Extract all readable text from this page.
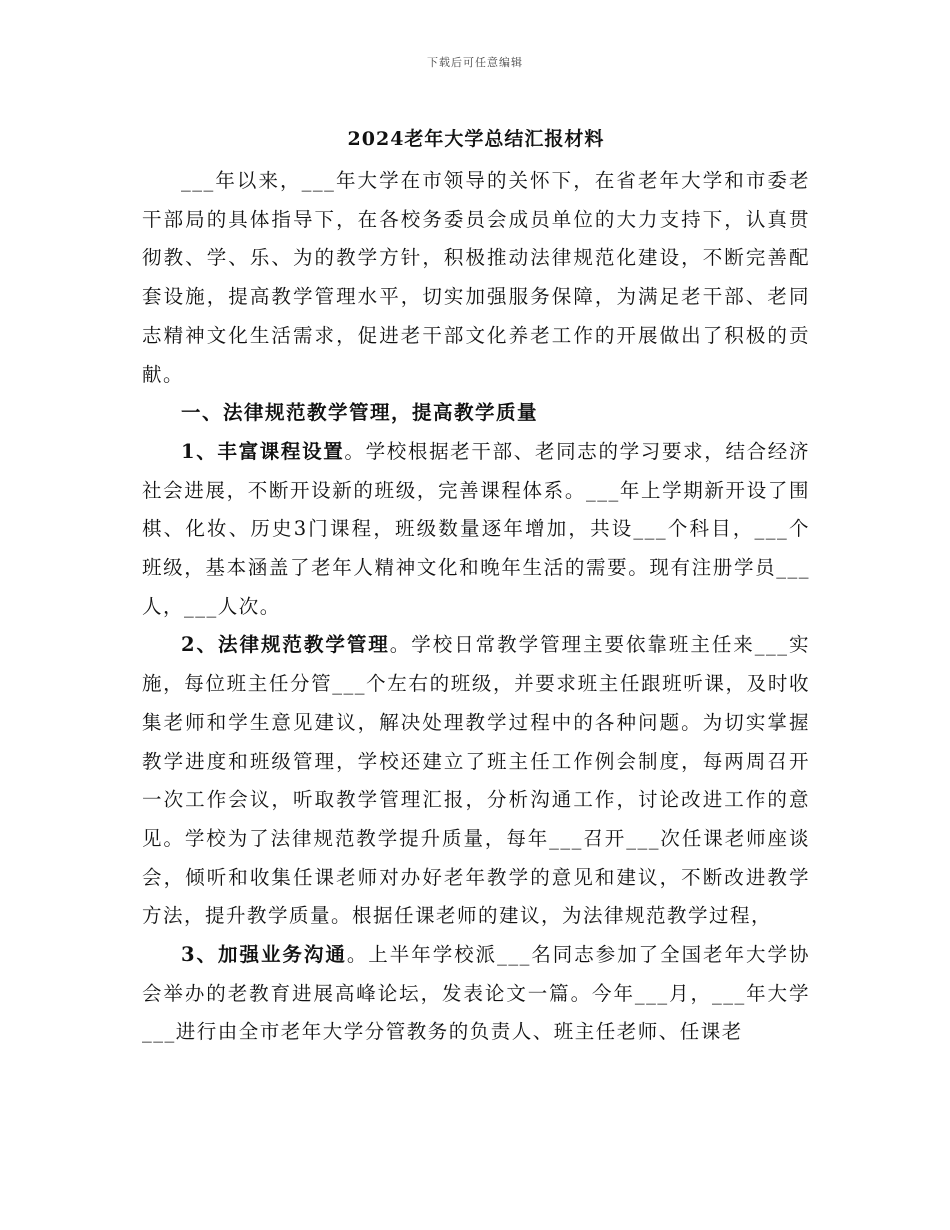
下载后可任意编辑
2024老年大学总结汇报材料

___年以来，___年大学在市领导的关怀下，在省老年大学和市委老干部局的具体指导下，在各校务委员会成员单位的大力支持下，认真贯彻教、学、乐、为的教学方针，积极推动法律规范化建设，不断完善配套设施，提高教学管理水平，切实加强服务保障，为满足老干部、老同志精神文化生活需求，促进老干部文化养老工作的开展做出了积极的贡献。

一、法律规范教学管理，提高教学质量

1、丰富课程设置。学校根据老干部、老同志的学习要求，结合经济社会进展，不断开设新的班级，完善课程体系。___年上学期新开设了围棋、化妆、历史3门课程，班级数量逐年增加，共设___个科目，___个班级，基本涵盖了老年人精神文化和晚年生活的需要。现有注册学员___人，___人次。

2、法律规范教学管理。学校日常教学管理主要依靠班主任来___实施，每位班主任分管___个左右的班级，并要求班主任跟班听课，及时收集老师和学生意见建议，解决处理教学过程中的各种问题。为切实掌握教学进度和班级管理，学校还建立了班主任工作例会制度，每两周召开一次工作会议，听取教学管理汇报，分析沟通工作，讨论改进工作的意见。学校为了法律规范教学提升质量，每年___召开___次任课老师座谈会，倾听和收集任课老师对办好老年教学的意见和建议，不断改进教学方法，提升教学质量。根据任课老师的建议，为法律规范教学过程，

3、加强业务沟通。上半年学校派___名同志参加了全国老年大学协会举办的老教育进展高峰论坛，发表论文一篇。今年___月，___年大学___进行由全市老年大学分管教务的负责人、班主任老师、任课老
